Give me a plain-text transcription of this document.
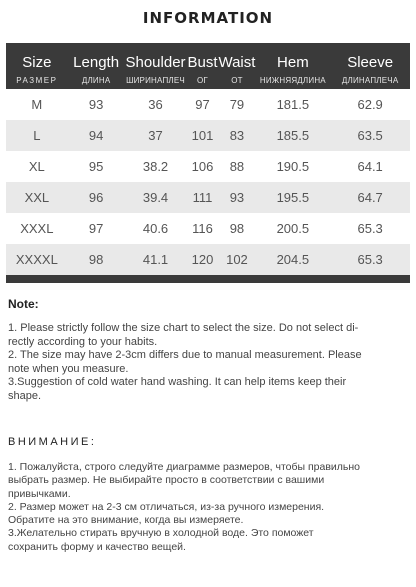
INFORMATION
Size	Length	Shoulder	Bust	Waist	Hem	Sleeve
РАЗМЕР	ДЛИНА	ШИРИНАПЛЕЧ	ОГ	ОТ	НИЖНЯЯДЛИНА	ДЛИНАПЛЕЧА
M	93	36	97	79	181.5	62.9
L	94	37	101	83	185.5	63.5
XL	95	38.2	106	88	190.5	64.1
XXL	96	39.4	111	93	195.5	64.7
XXXL	97	40.6	116	98	200.5	65.3
XXXXL	98	41.1	120	102	204.5	65.3
Note:
1. Please strictly follow the size chart to select the size. Do not select di-
rectly according to your habits.
2. The size may have 2-3cm differs due to manual measurement. Please
note when you measure.
3.Suggestion of cold water hand washing. It can help items keep their
shape.
ВНИМАНИЕ:
1. Пожалуйста, строго следуйте диаграмме размеров, чтобы правильно
выбрать размер. Не выбирайте просто в соответствии с вашими
привычками.
2. Размер может на 2-3 см отличаться, из-за ручного измерения.
Обратите на это внимание, когда вы измеряете.
3.Желательно стирать вручную в холодной воде. Это поможет
сохранить форму и качество вещей.
